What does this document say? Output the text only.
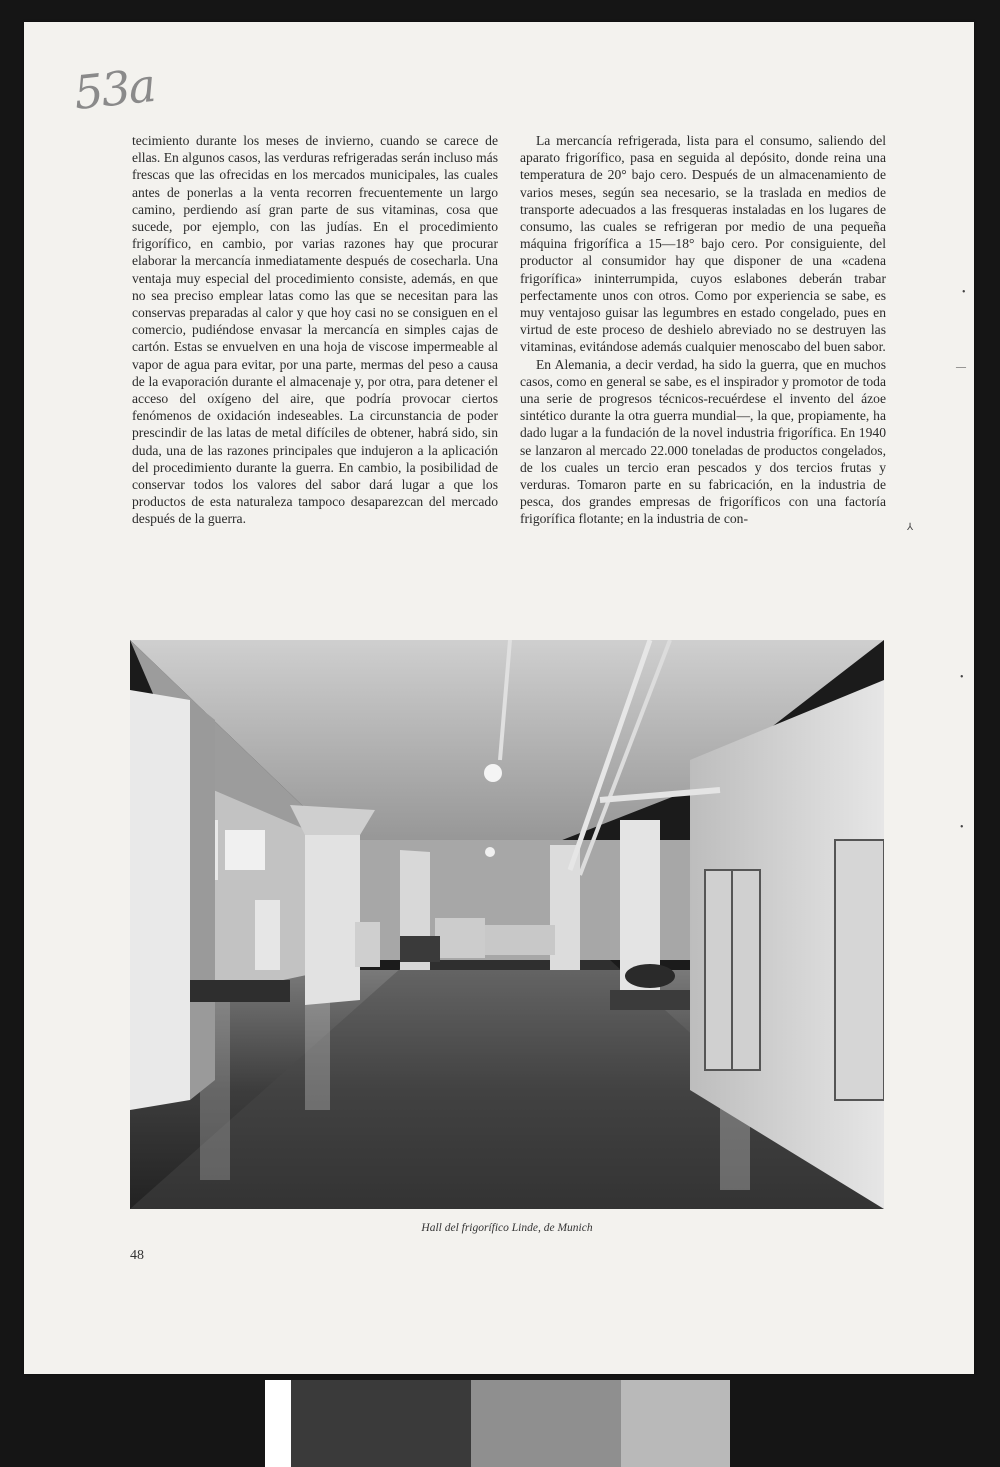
53a

tecimiento durante los meses de invierno, cuando se carece de ellas. En algunos casos, las verduras refrigeradas serán incluso más frescas que las ofrecidas en los mercados municipales, las cuales antes de ponerlas a la venta recorren frecuentemente un largo camino, perdiendo así gran parte de sus vitaminas, cosa que sucede, por ejemplo, con las judías. En el procedimiento frigorífico, en cambio, por varias razones hay que procurar elaborar la mercancía inmediatamente después de cosecharla. Una ventaja muy especial del procedimiento consiste, además, en que no sea preciso emplear latas como las que se necesitan para las conservas preparadas al calor y que hoy casi no se consiguen en el comercio, pudiéndose envasar la mercancía en simples cajas de cartón. Estas se envuelven en una hoja de viscose impermeable al vapor de agua para evitar, por una parte, mermas del peso a causa de la evaporación durante el almacenaje y, por otra, para detener el acceso del oxígeno del aire, que podría provocar ciertos fenómenos de oxidación indeseables. La circunstancia de poder prescindir de las latas de metal difíciles de obtener, habrá sido, sin duda, una de las razones principales que indujeron a la aplicación del procedimiento durante la guerra. En cambio, la posibilidad de conservar todos los valores del sabor dará lugar a que los productos de esta naturaleza tampoco desaparezcan del mercado después de la guerra.

La mercancía refrigerada, lista para el consumo, saliendo del aparato frigorífico, pasa en seguida al depósito, donde reina una temperatura de 20° bajo cero. Después de un almacenamiento de varios meses, según sea necesario, se la traslada en medios de transporte adecuados a las fresqueras instaladas en los lugares de consumo, las cuales se refrigeran por medio de una pequeña máquina frigorífica a 15—18° bajo cero. Por consiguiente, del productor al consumidor hay que disponer de una «cadena frigorífica» ininterrumpida, cuyos eslabones deberán trabar perfectamente unos con otros. Como por experiencia se sabe, es muy ventajoso guisar las legumbres en estado congelado, pues en virtud de este proceso de deshielo abreviado no se destruyen las vitaminas, evitándose además cualquier menoscabo del buen sabor.

En Alemania, a decir verdad, ha sido la guerra, que en muchos casos, como en general se sabe, es el inspirador y promotor de toda una serie de progresos técnicos-recuérdese el invento del ázoe sintético durante la otra guerra mundial—, la que, propiamente, ha dado lugar a la fundación de la novel industria frigorífica. En 1940 se lanzaron al mercado 22.000 toneladas de productos congelados, de los cuales un tercio eran pescados y dos tercios frutas y verduras. Tomaron parte en su fabricación, en la industria de pesca, dos grandes empresas de frigoríficos con una factoría frigorífica flotante; en la industria de con-

Hall del frigorífico Linde, de Munich
48
•
—
⅄
•
•
